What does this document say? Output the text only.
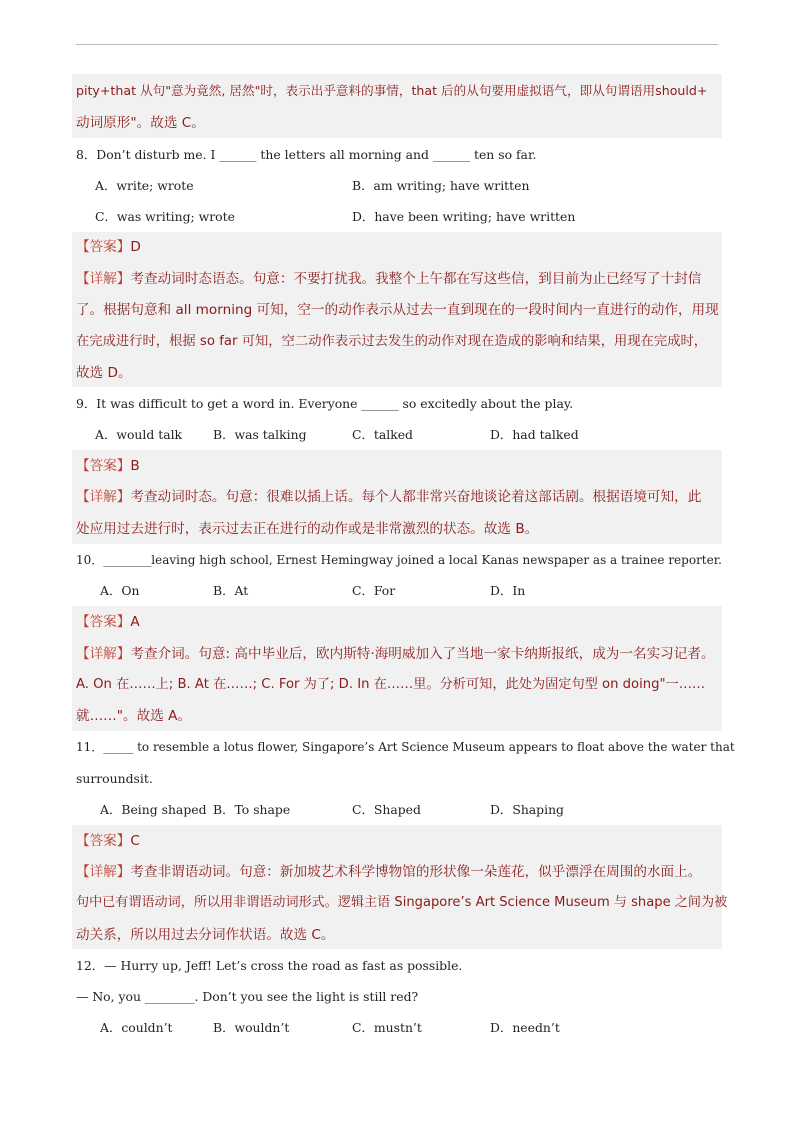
pity+that 从句"意为竟然, 居然"时，表示出乎意料的事情，that 后的从句要用虚拟语气，即从句谓语用should+
动词原形"。故选 C。
8．Don’t disturb me. I ______ the letters all morning and ______ ten so far.
A．write; wrote	B．am writing; have written
C．was writing; wrote	D．have been writing; have written
【答案】D
【详解】考查动词时态语态。句意：不要打扰我。我整个上午都在写这些信，到目前为止已经写了十封信
了。根据句意和 all morning 可知，空一的动作表示从过去一直到现在的一段时间内一直进行的动作，用现
在完成进行时，根据 so far 可知，空二动作表示过去发生的动作对现在造成的影响和结果，用现在完成时，
故选 D。
9．It was difficult to get a word in. Everyone ______ so excitedly about the play.
A．would talk B．was talking	C．talked	D．had talked
【答案】B
【详解】考查动词时态。句意：很难以插上话。每个人都非常兴奋地谈论着这部话剧。根据语境可知，此
处应用过去进行时，表示过去正在进行的动作或是非常激烈的状态。故选 B。
10．________leaving high school, Ernest Hemingway joined a local Kanas newspaper as a trainee reporter.
A．On	B．At	C．For	D．In
【答案】A
【详解】考查介词。句意: 高中毕业后，欧内斯特·海明威加入了当地一家卡纳斯报纸，成为一名实习记者。
A. On 在……上; B. At 在……; C. For 为了; D. In 在……里。分析可知，此处为固定句型 on doing"一……
就……"。故选 A。
11．_____ to resemble a lotus flower, Singapore’s Art Science Museum appears to float above the water that
surroundsit.
A．Being shaped B．To shape	C．Shaped	D．Shaping
【答案】C
【详解】考查非谓语动词。句意：新加坡艺术科学博物馆的形状像一朵莲花，似乎漂浮在周围的水面上。
句中已有谓语动词，所以用非谓语动词形式。逻辑主语 Singapore’s Art Science Museum 与 shape 之间为被
动关系，所以用过去分词作状语。故选 C。
12．— Hurry up, Jeff! Let’s cross the road as fast as possible.
— No, you ________. Don’t you see the light is still red?
A．couldn’t	B．wouldn’t	C．mustn’t	D．needn’t
